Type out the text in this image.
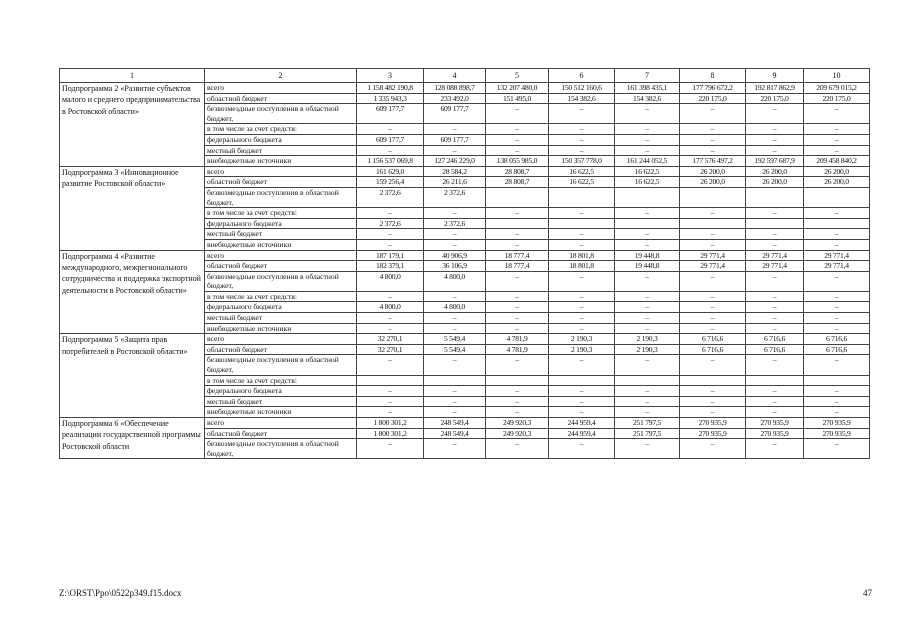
1	2	3	4	5	6	7	8	9	10
Подпрограмма 2 «Развитие субъектов малого и среднего предпринимательства в Ростовской области»	всего	1 158 482 190,8	128 088 898,7	132 207 480,0	150 512 160,6	161 398 435,1	177 796 672,2	192 817 862,9	209 679 015,2
	областной бюджет	1 335 943,3	233 492,0	151 495,0	154 382,6	154 382,6	220 175,0	220 175,0	220 175,0
	безвозмездные поступления в областной бюджет,	609 177,7	609 177,7	–	–	–	–	–	–
	в том числе за счет средств:	–	–	–	–	–	–	–	–
	федерального бюджета	609 177,7	609 177,7	–	–	–	–	–	–
	местный бюджет	–	–	–	–	–	–	–	–
	внебюджетные источники	1 156 537 069,8	127 246 229,0	138 055 985,0	150 357 778,0	161 244 052,5	177 576 497,2	192 597 687,9	209 458 840,2
Подпрограмма 3 «Инновационное развитие Ростовской области»	всего	161 629,0	28 584,2	28 808,7	16 622,5	16 622,5	26 200,0	26 200,0	26 200,0
	областной бюджет	159 256,4	26 211,6	28 808,7	16 622,5	16 622,5	26 200,0	26 200,0	26 200,0
	безвозмездные поступления в областной бюджет,	2 372,6	2 372,6						
	в том числе за счет средств:	–	–	–	–	–	–	–	–
	федерального бюджета	2 372,6	2 372,6						
	местный бюджет	–	–	–	–	–	–	–	–
	внебюджетные источники	–	–	–	–	–	–	–	–
Подпрограмма 4 «Развитие международного, межрегионального сотрудничества и поддержка экспортной деятельности в Ростовской области»	всего	187 179,1	40 906,9	18 777,4	18 801,8	19 448,8	29 771,4	29 771,4	29 771,4
	областной бюджет	182 379,1	36 106,9	18 777,4	18 801,8	19 448,8	29 771,4	29 771,4	29 771,4
	безвозмездные поступления в областной бюджет,	4 800,0	4 800,0	–	–	–	–	–	–
	в том числе за счет средств:	–	–	–	–	–	–	–	–
	федерального бюджета	4 800,0	4 800,0	–	–	–	–	–	–
	местный бюджет	-	–	–	–	–	–	–	–
	внебюджетные источники	-	–	–	–	–	–	–	–
Подпрограмма 5 «Защита прав потребителей в Ростовской области»	всего	32 270,1	5 549,4	4 781,9	2 190,3	2 190,3	6 716,6	6 716,6	6 716,6
	областной бюджет	32 270,1	5 549,4	4 781,9	2 190,3	2 190,3	6 716,6	6 716,6	6 716,6
	безвозмездные поступления в областной бюджет,	–	–	–	–	–	–	–	–
	в том числе за счет средств:								
	федерального бюджета	–	–	–	–	–	–	–	–
	местный бюджет	–	–	–	–	–	–	–	–
	внебюджетные источники	–	–	–	–	–	–	–	–
Подпрограмма 6 «Обеспечение реализации государственной программы Ростовской области	всего	1 800 301,2	248 549,4	249 920,3	244 959,4	251 797,5	270 935,9	270 935,9	270 935,9
	областной бюджет	1 800 301,2	248 549,4	249 920,3	244 959,4	251 797,5	270 935,9	270 935,9	270 935,9
	безвозмездные поступления в областной бюджет,	–	–	–	–	–	–	–	–
Z:\ORST\Ppo\0522p349.f15.docx	47
